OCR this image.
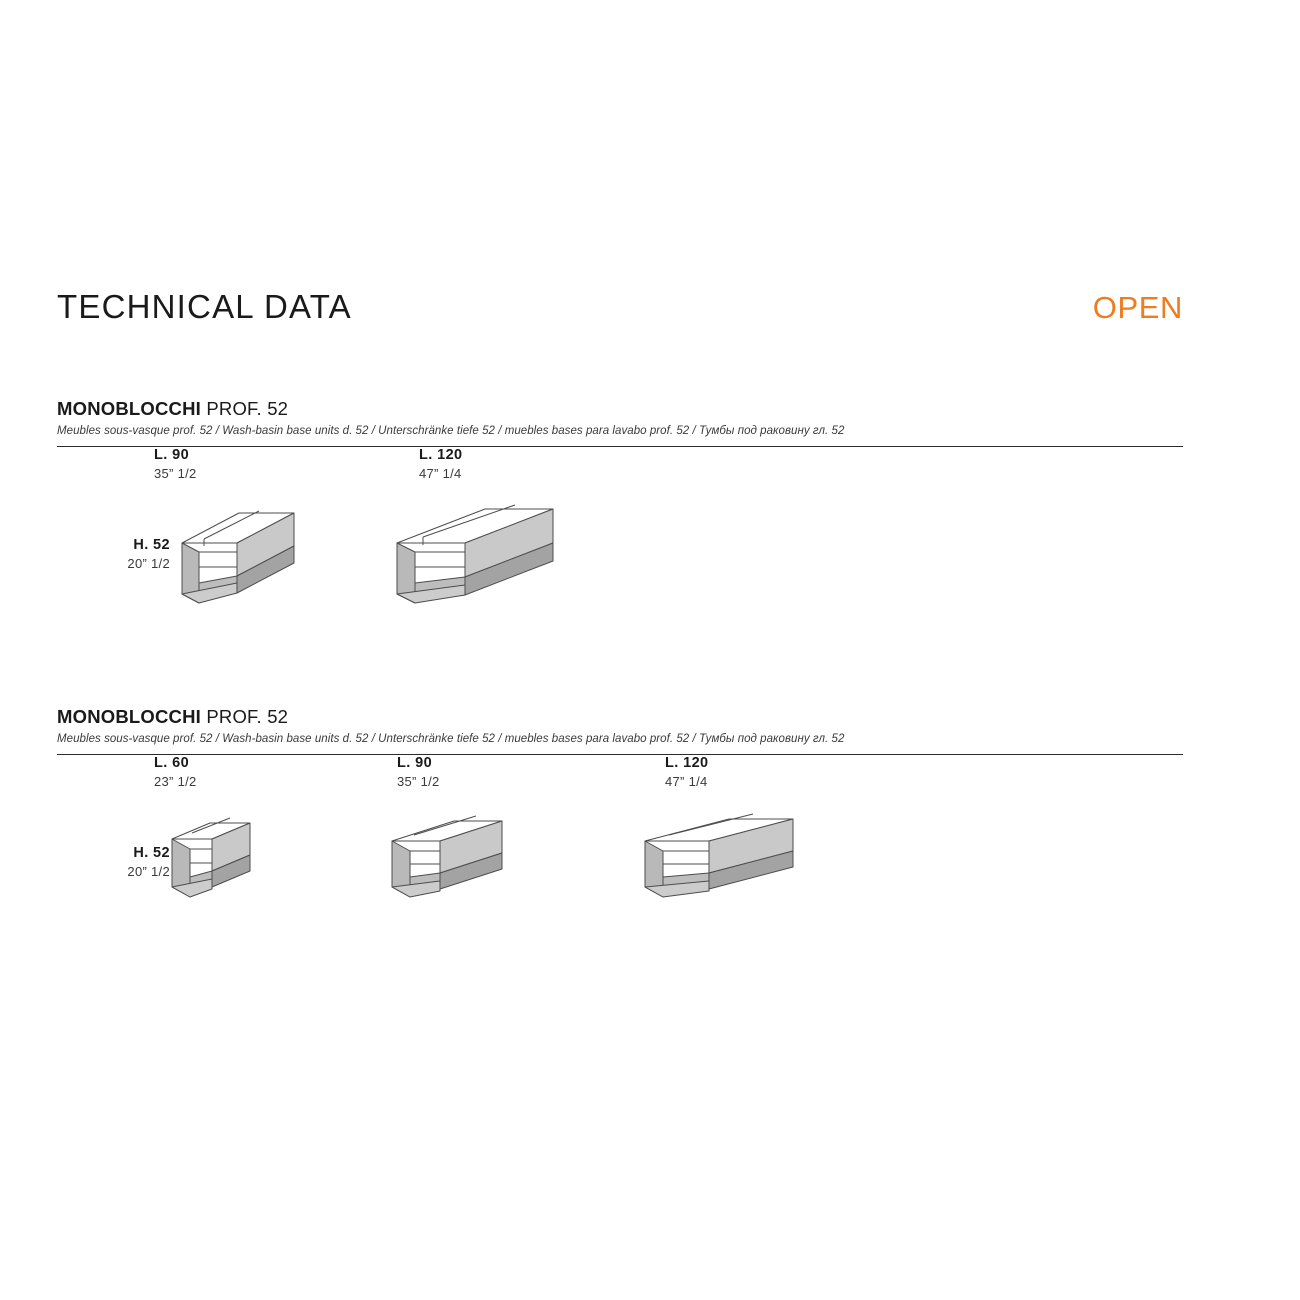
TECHNICAL DATA	OPEN
MONOBLOCCHI PROF. 52
Meubles sous-vasque prof. 52 / Wash-basin base units d. 52 / Unterschränke tiefe 52 / muebles bases para lavabo prof. 52 / Тумбы под раковину гл. 52
H. 52
20” 1/2
L. 90
35” 1/2
L. 120
47” 1/4
MONOBLOCCHI PROF. 52
Meubles sous-vasque prof. 52 / Wash-basin base units d. 52 / Unterschränke tiefe 52 / muebles bases para lavabo prof. 52 / Тумбы под раковину гл. 52
H. 52
20” 1/2
L. 60
23” 1/2
L. 90
35” 1/2
L. 120
47” 1/4
